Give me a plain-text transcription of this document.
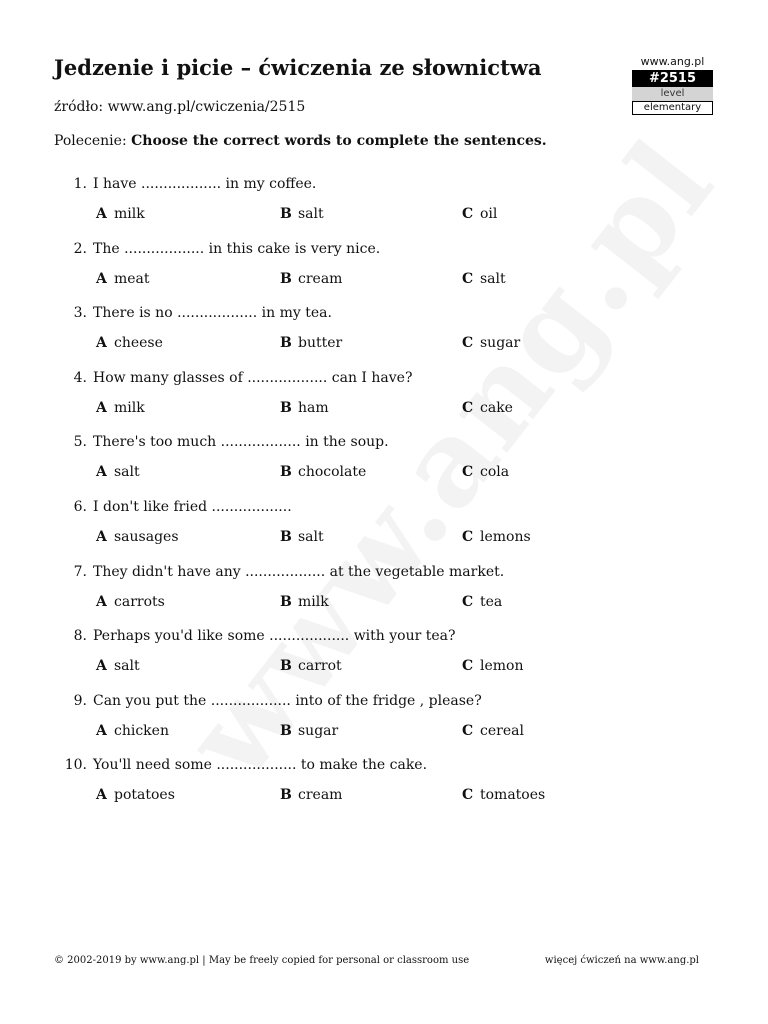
Jedzenie i picie – ćwiczenia ze słownictwa
źródło: www.ang.pl/cwiczenia/2515
Polecenie: Choose the correct words to complete the sentences.
www.ang.pl
#2515
level
elementary
1. I have .................. in my coffee.
A milk	B salt	C oil
2. The .................. in this cake is very nice.
A meat	B cream	C salt
3. There is no .................. in my tea.
A cheese	B butter	C sugar
4. How many glasses of .................. can I have?
A milk	B ham	C cake
5. There's too much .................. in the soup.
A salt	B chocolate	C cola
6. I don't like fried ..................
A sausages	B salt	C lemons
7. They didn't have any .................. at the vegetable market.
A carrots	B milk	C tea
8. Perhaps you'd like some .................. with your tea?
A salt	B carrot	C lemon
9. Can you put the .................. into of the fridge , please?
A chicken	B sugar	C cereal
10. You'll need some .................. to make the cake.
A potatoes	B cream	C tomatoes
© 2002-2019 by www.ang.pl | May be freely copied for personal or classroom use	więcej ćwiczeń na www.ang.pl
